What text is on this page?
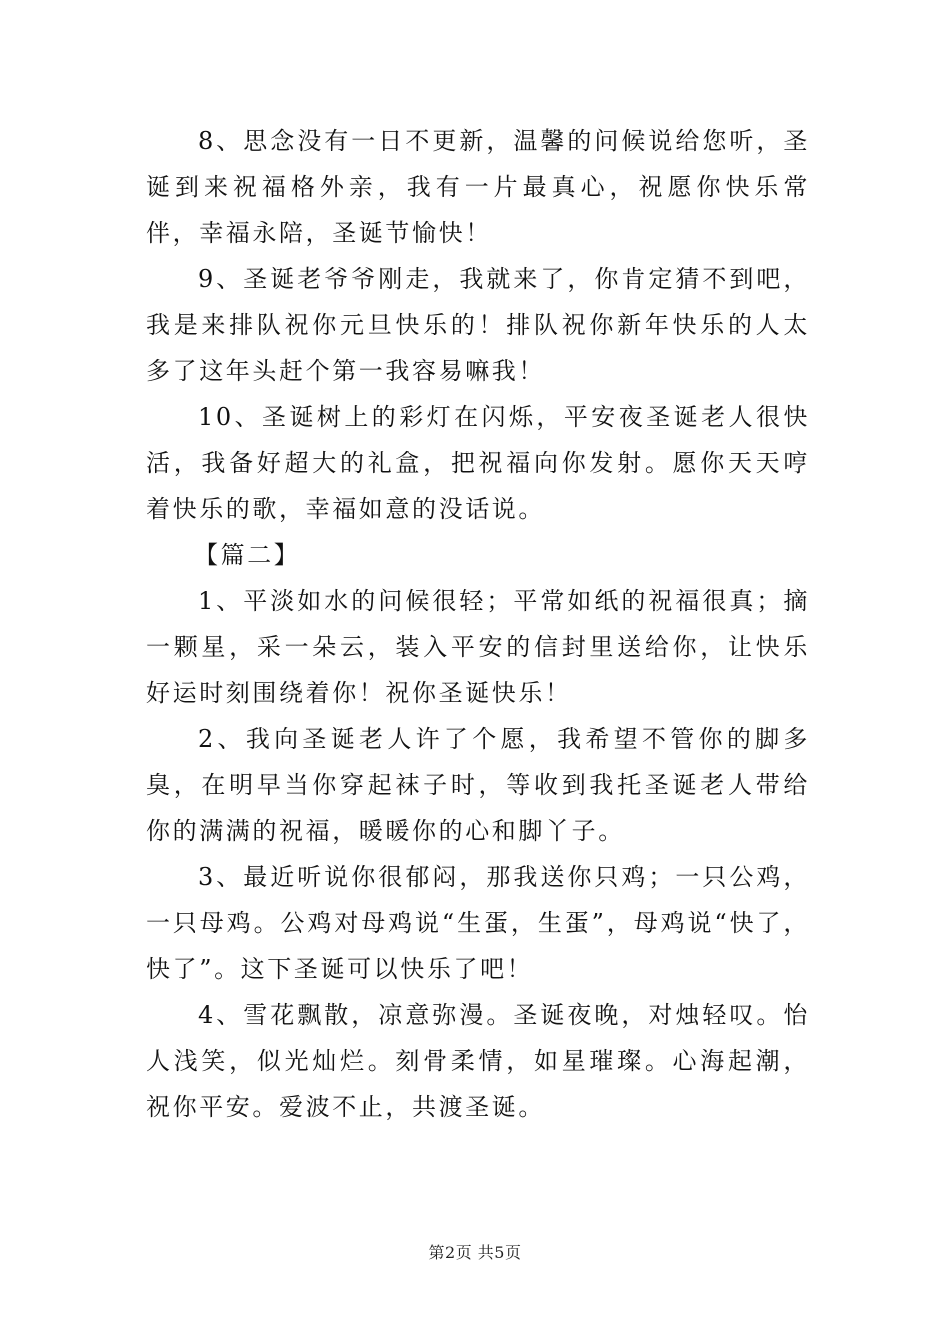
8、思念没有一日不更新，温馨的问候说给您听，圣诞到来祝福格外亲，我有一片最真心，祝愿你快乐常伴，幸福永陪，圣诞节愉快！

9、圣诞老爷爷刚走，我就来了，你肯定猜不到吧，我是来排队祝你元旦快乐的！排队祝你新年快乐的人太多了这年头赶个第一我容易嘛我！

10、圣诞树上的彩灯在闪烁，平安夜圣诞老人很快活，我备好超大的礼盒，把祝福向你发射。愿你天天哼着快乐的歌，幸福如意的没话说。

【篇二】

1、平淡如水的问候很轻；平常如纸的祝福很真；摘一颗星，采一朵云，装入平安的信封里送给你，让快乐好运时刻围绕着你！祝你圣诞快乐！

2、我向圣诞老人许了个愿，我希望不管你的脚多臭，在明早当你穿起袜子时，等收到我托圣诞老人带给你的满满的祝福，暖暖你的心和脚丫子。

3、最近听说你很郁闷，那我送你只鸡；一只公鸡，一只母鸡。公鸡对母鸡说“生蛋，生蛋”，母鸡说“快了，快了”。这下圣诞可以快乐了吧！

4、雪花飘散，凉意弥漫。圣诞夜晚，对烛轻叹。怡人浅笑，似光灿烂。刻骨柔情，如星璀璨。心海起潮，祝你平安。爱波不止，共渡圣诞。

第2页 共5页
